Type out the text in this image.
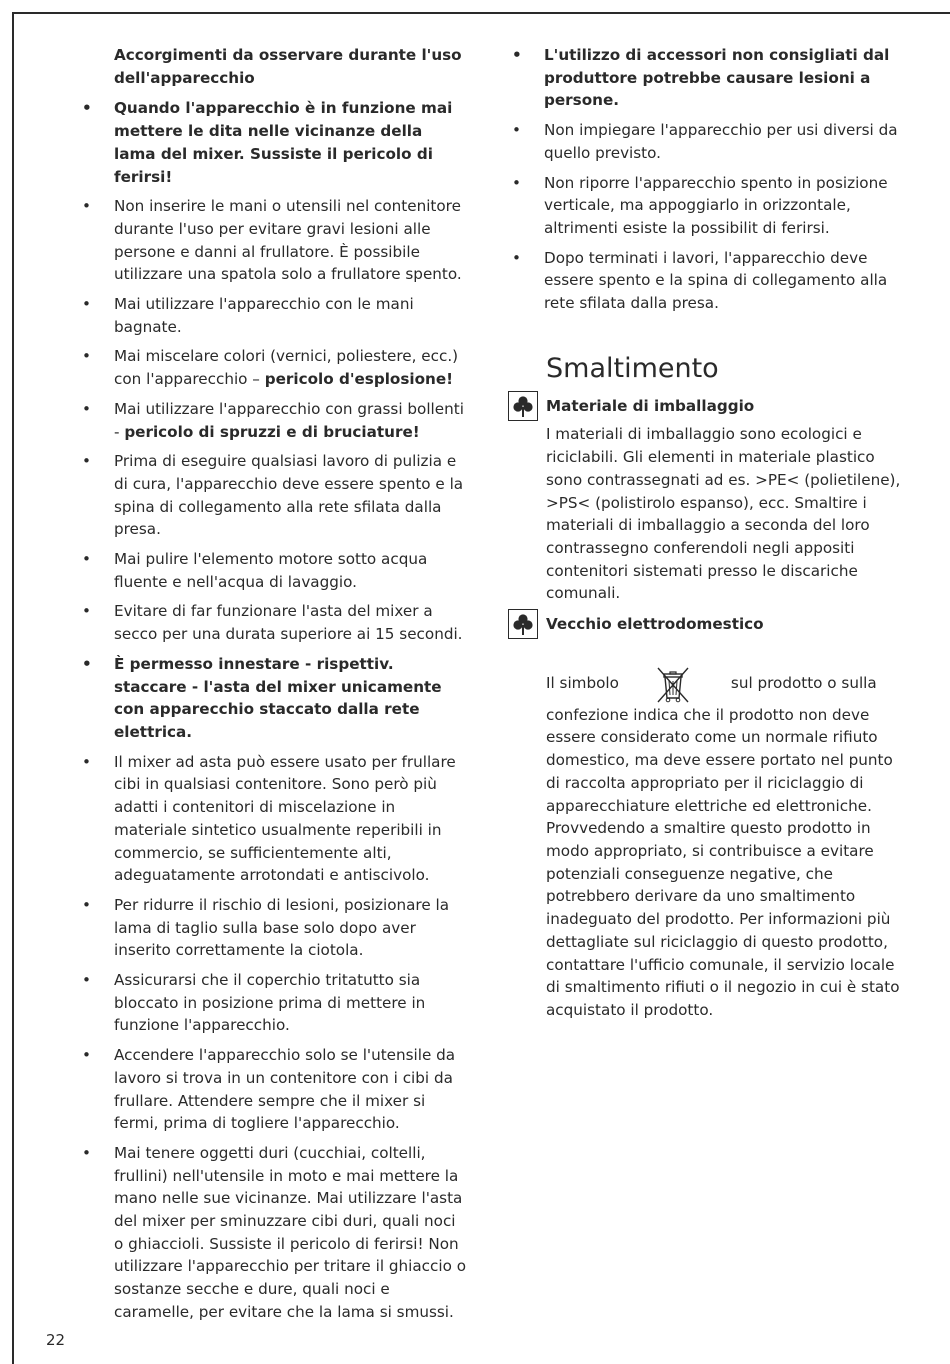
Accorgimenti da osservare durante l'uso dell'apparecchio
• Quando l'apparecchio è in funzione mai mettere le dita nelle vicinanze della lama del mixer. Sussiste il pericolo di ferirsi!
• Non inserire le mani o utensili nel contenitore durante l'uso per evitare gravi lesioni alle persone e danni al frullatore. È possibile utilizzare una spatola solo a frullatore spento.
• Mai utilizzare l'apparecchio con le mani bagnate.
• Mai miscelare colori (vernici, poliestere, ecc.) con l'apparecchio – pericolo d'esplosione!
• Mai utilizzare l'apparecchio con grassi bollenti - pericolo di spruzzi e di bruciature!
• Prima di eseguire qualsiasi lavoro di pulizia e di cura, l'apparecchio deve essere spento e la spina di collegamento alla rete sfilata dalla presa.
• Mai pulire l'elemento motore sotto acqua fluente e nell'acqua di lavaggio.
• Evitare di far funzionare l'asta del mixer a secco per una durata superiore ai 15 secondi.
• È permesso innestare - rispettiv. staccare - l'asta del mixer unicamente con apparecchio staccato dalla rete elettrica.
• Il mixer ad asta può essere usato per frullare cibi in qualsiasi contenitore. Sono però più adatti i contenitori di miscelazione in materiale sintetico usualmente reperibili in commercio, se sufficientemente alti, adeguatamente arrotondati e antiscivolo.
• Per ridurre il rischio di lesioni, posizionare la lama di taglio sulla base solo dopo aver inserito correttamente la ciotola.
• Assicurarsi che il coperchio tritatutto sia bloccato in posizione prima di mettere in funzione l'apparecchio.
• Accendere l'apparecchio solo se l'utensile da lavoro si trova in un contenitore con i cibi da frullare. Attendere sempre che il mixer si fermi, prima di togliere l'apparecchio.
• Mai tenere oggetti duri (cucchiai, coltelli, frullini) nell'utensile in moto e mai mettere la mano nelle sue vicinanze. Mai utilizzare l'asta del mixer per sminuzzare cibi duri, quali noci o ghiaccioli. Sussiste il pericolo di ferirsi! Non utilizzare l'apparecchio per tritare il ghiaccio o sostanze secche e dure, quali noci e caramelle, per evitare che la lama si smussi.
• L'utilizzo di accessori non consigliati dal produttore potrebbe causare lesioni a persone.
• Non impiegare l'apparecchio per usi diversi da quello previsto.
• Non riporre l'apparecchio spento in posizione verticale, ma appoggiarlo in orizzontale, altrimenti esiste la possibilit di ferirsi.
• Dopo terminati i lavori, l'apparecchio deve essere spento e la spina di collegamento alla rete sfilata dalla presa.
Smaltimento
Materiale di imballaggio
I materiali di imballaggio sono ecologici e riciclabili. Gli elementi in materiale plastico sono contrassegnati ad es. >PE< (polietilene), >PS< (polistirolo espanso), ecc. Smaltire i materiali di imballaggio a seconda del loro contrassegno conferendoli negli appositi contenitori sistemati presso le discariche comunali.
Vecchio elettrodomestico
Il simbolo	sul prodotto o sulla
confezione indica che il prodotto non deve essere considerato come un normale rifiuto domestico, ma deve essere portato nel punto di raccolta appropriato per il riciclaggio di apparecchiature elettriche ed elettroniche. Provvedendo a smaltire questo prodotto in modo appropriato, si contribuisce a evitare potenziali conseguenze negative, che potrebbero derivare da uno smaltimento inadeguato del prodotto. Per informazioni più dettagliate sul riciclaggio di questo prodotto, contattare l'ufficio comunale, il servizio locale di smaltimento rifiuti o il negozio in cui è stato acquistato il prodotto.
22
